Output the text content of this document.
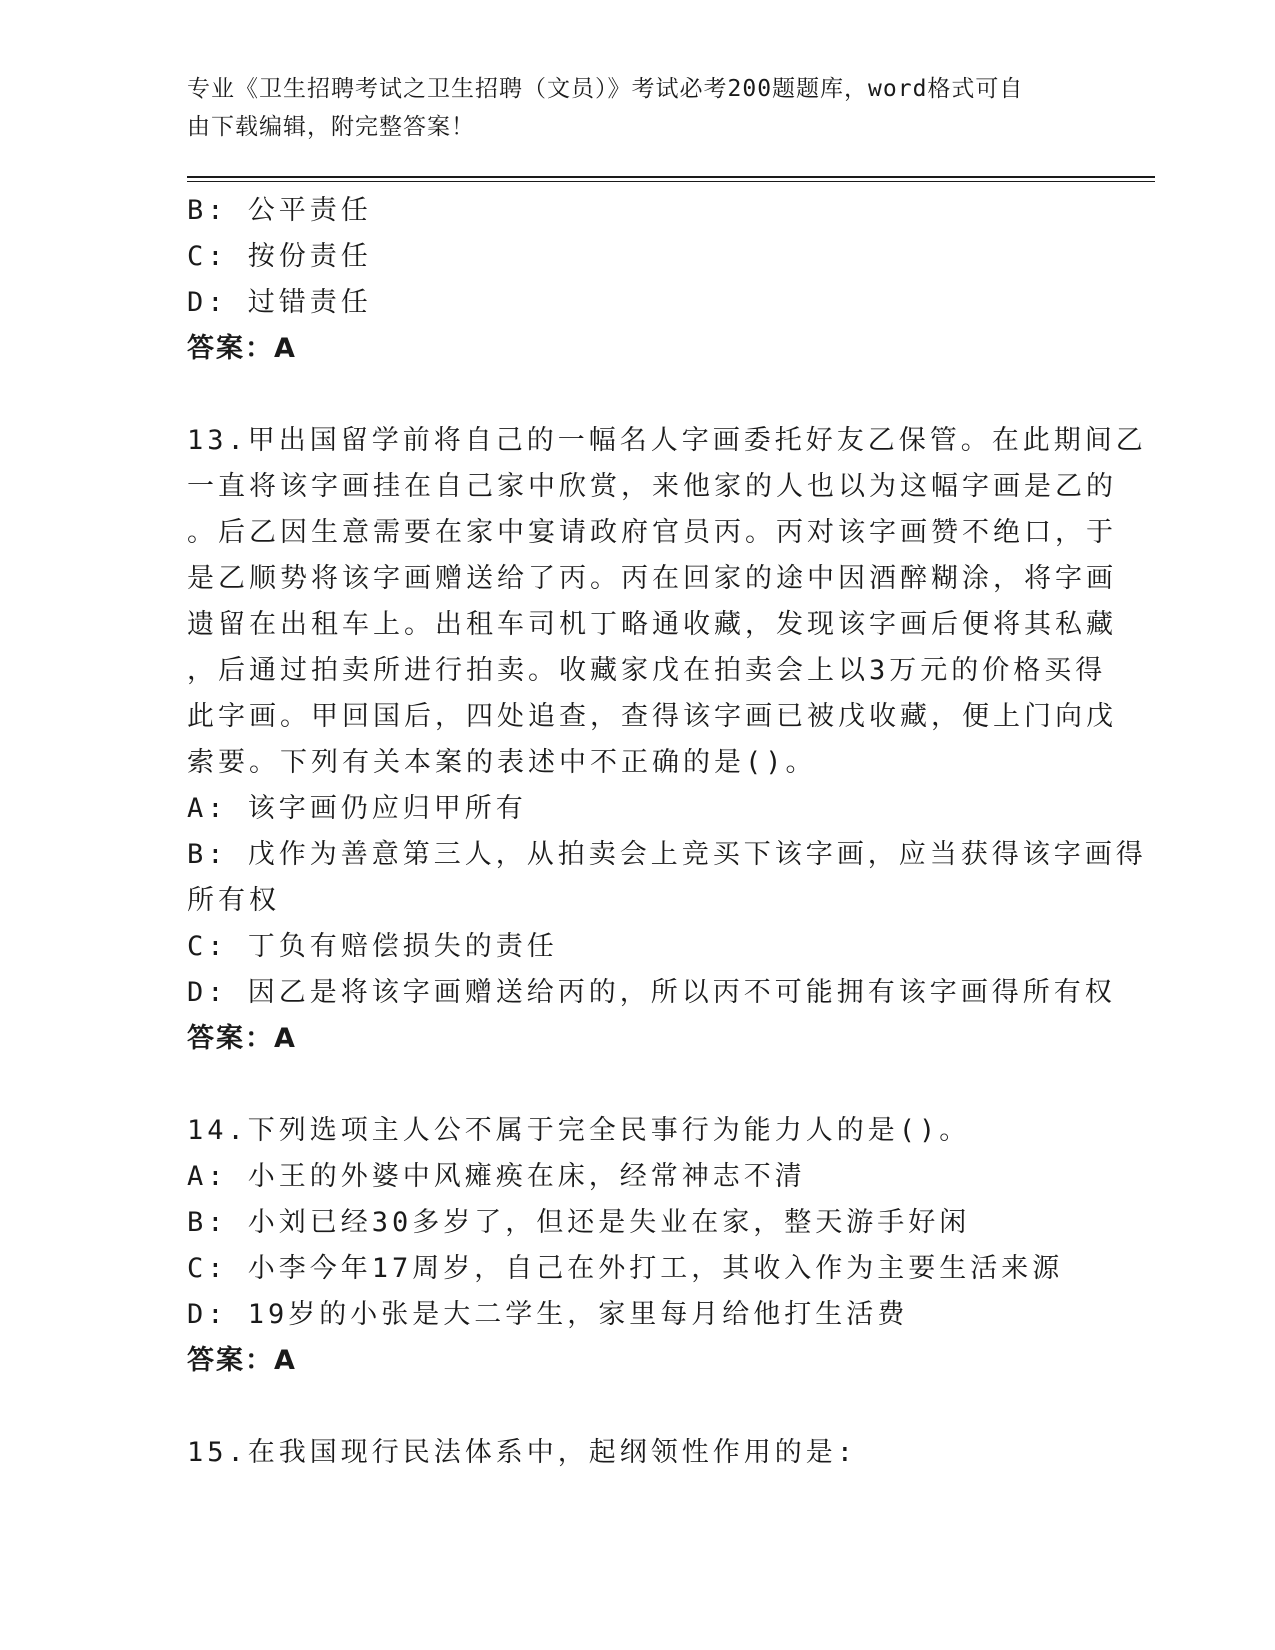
专业《卫生招聘考试之卫生招聘（文员）》考试必考200题题库，word格式可自
由下载编辑，附完整答案！
B: 公平责任
C: 按份责任
D: 过错责任
答案：A
13.甲出国留学前将自己的一幅名人字画委托好友乙保管。在此期间乙
一直将该字画挂在自己家中欣赏，来他家的人也以为这幅字画是乙的
。后乙因生意需要在家中宴请政府官员丙。丙对该字画赞不绝口，于
是乙顺势将该字画赠送给了丙。丙在回家的途中因酒醉糊涂，将字画
遗留在出租车上。出租车司机丁略通收藏，发现该字画后便将其私藏
，后通过拍卖所进行拍卖。收藏家戊在拍卖会上以3万元的价格买得
此字画。甲回国后，四处追查，查得该字画已被戊收藏，便上门向戊
索要。下列有关本案的表述中不正确的是()。
A: 该字画仍应归甲所有
B: 戊作为善意第三人，从拍卖会上竞买下该字画，应当获得该字画得
所有权
C: 丁负有赔偿损失的责任
D: 因乙是将该字画赠送给丙的，所以丙不可能拥有该字画得所有权
答案：A
14.下列选项主人公不属于完全民事行为能力人的是()。
A: 小王的外婆中风瘫痪在床，经常神志不清
B: 小刘已经30多岁了，但还是失业在家，整天游手好闲
C: 小李今年17周岁，自己在外打工，其收入作为主要生活来源
D: 19岁的小张是大二学生，家里每月给他打生活费
答案：A
15.在我国现行民法体系中，起纲领性作用的是:
